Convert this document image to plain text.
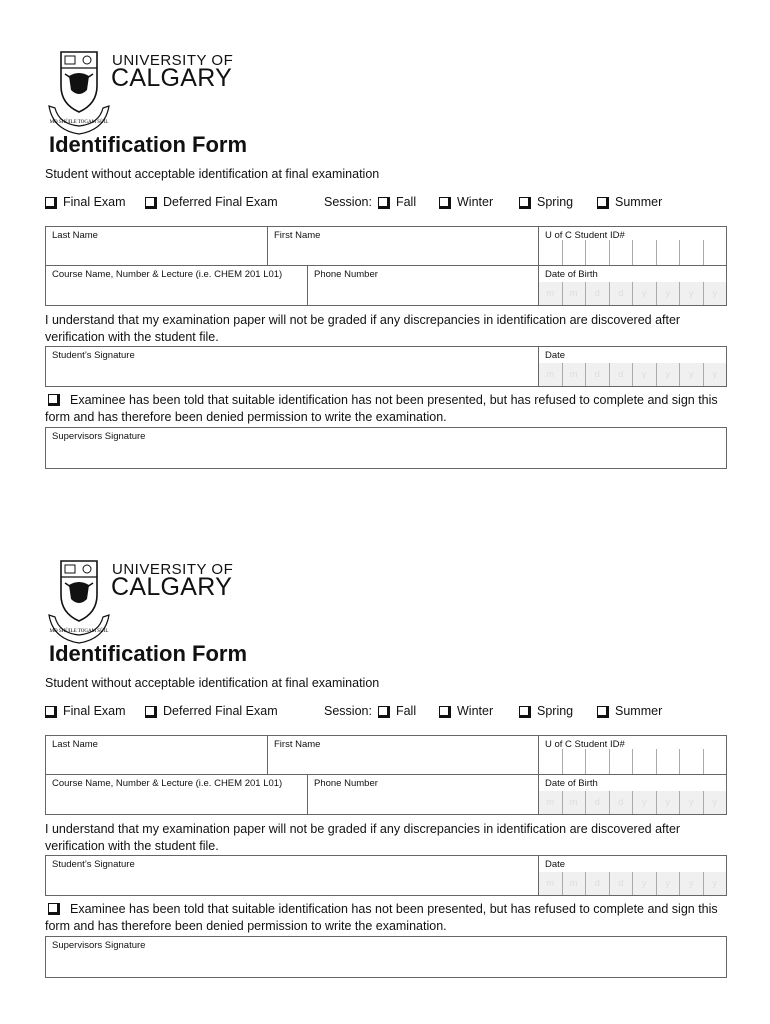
MO SHÙILE TOGAM SÙIL
UNIVERSITY OF
CALGARY
Identification Form
Student without acceptable identification at final examination
Final Exam	Deferred Final Exam	Session: Fall	Winter	Spring	Summer
Last Name	First Name	U of C Student ID#
Course Name, Number & Lecture (i.e. CHEM 201 L01)	Phone Number	Date of Birth
m	m	d	d	y	y	y	y
I understand that my examination paper will not be graded if any discrepancies in identification are discovered after verification with the student file.
Student’s Signature	Date
m	m	d	d	y	y	y	y
Examinee has been told that suitable identification has not been presented, but has refused to complete and sign this form and has therefore been denied permission to write the examination.
Supervisors Signature
MO SHÙILE TOGAM SÙIL
UNIVERSITY OF
CALGARY
Identification Form
Student without acceptable identification at final examination
Final Exam	Deferred Final Exam	Session: Fall	Winter	Spring	Summer
Last Name	First Name	U of C Student ID#
Course Name, Number & Lecture (i.e. CHEM 201 L01)	Phone Number	Date of Birth
m	m	d	d	y	y	y	y
I understand that my examination paper will not be graded if any discrepancies in identification are discovered after verification with the student file.
Student’s Signature	Date
m	m	d	d	y	y	y	y
Examinee has been told that suitable identification has not been presented, but has refused to complete and sign this form and has therefore been denied permission to write the examination.
Supervisors Signature
